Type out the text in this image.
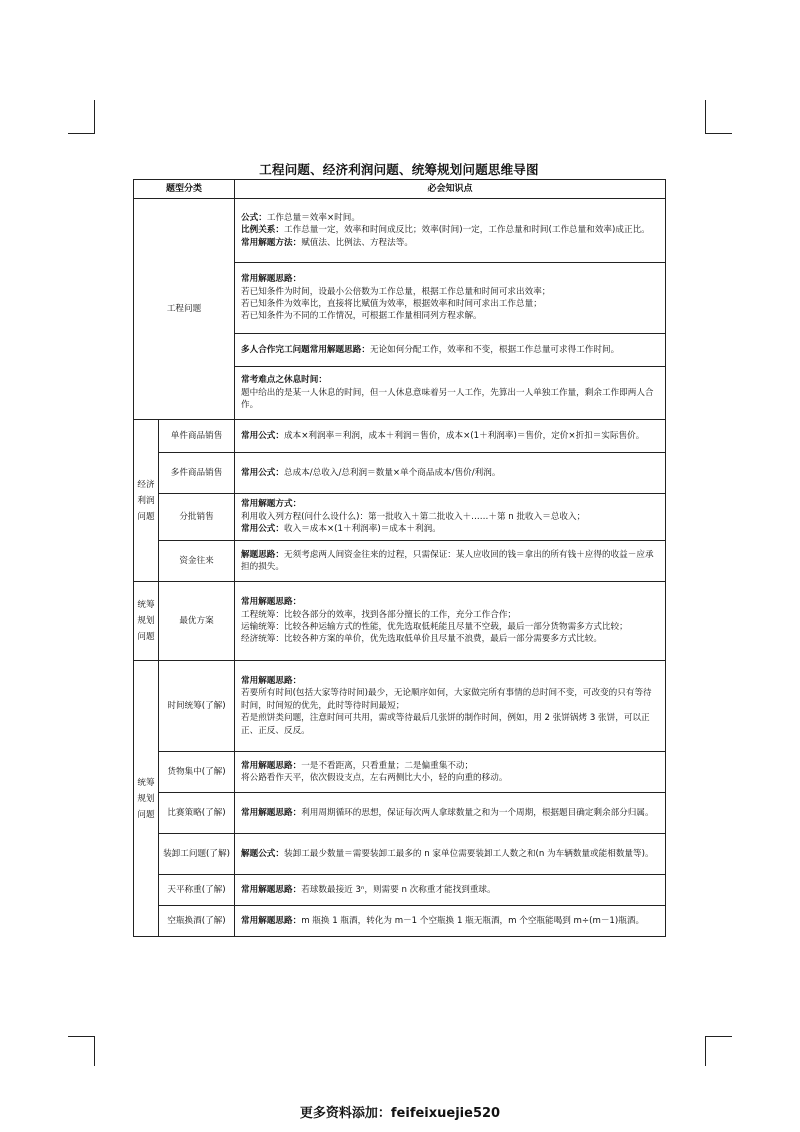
工程问题、经济利润问题、统筹规划问题思维导图
题型分类		必会知识点
工程问题		公式：工作总量＝效率×时间。
比例关系：工作总量一定，效率和时间成反比；效率(时间)一定，工作总量和时间(工作总量和效率)成正比。
常用解题方法：赋值法、比例法、方程法等。

		常用解题思路：
若已知条件为时间，设最小公倍数为工作总量，根据工作总量和时间可求出效率；
若已知条件为效率比，直接将比赋值为效率，根据效率和时间可求出工作总量；
若已知条件为不同的工作情况，可根据工作量相同列方程求解。

		多人合作完工问题常用解题思路：无论如何分配工作，效率和不变，根据工作总量可求得工作时间。

		常考难点之休息时间：
题中给出的是某一人休息的时间，但一人休息意味着另一人工作，先算出一人单独工作量，剩余工作即两人合作。

经济利润问题	单件商品销售	常用公式：成本×利润率＝利润，成本＋利润＝售价，成本×(1＋利润率)＝售价，定价×折扣＝实际售价。
	多件商品销售	常用公式：总成本/总收入/总利润＝数量×单个商品成本/售价/利润。
	分批销售	常用解题方式：
利用收入列方程(问什么设什么)：第一批收入＋第二批收入＋……＋第 n 批收入＝总收入；
常用公式：收入＝成本×(1＋利润率)＝成本＋利润。

	资金往来	解题思路：无须考虑两人间资金往来的过程，只需保证：某人应收回的钱＝拿出的所有钱＋应得的收益－应承担的损失。
统筹规划问题	最优方案	常用解题思路：
工程统筹：比较各部分的效率，找到各部分擅长的工作，充分工作合作；
运输统筹：比较各种运输方式的性能，优先选取低耗能且尽量不空载，最后一部分货物需多方式比较；
经济统筹：比较各种方案的单价，优先选取低单价且尽量不浪费，最后一部分需要多方式比较。

统筹规划问题	时间统筹(了解)	常用解题思路：
若要所有时间(包括大家等待时间)最少，无论顺序如何，大家做完所有事情的总时间不变，可改变的只有等待时间，时间短的优先，此时等待时间最短；
若是煎饼类问题，注意时间可共用，需或等待最后几张饼的制作时间，例如，用 2 张饼锅烤 3 张饼，可以正正、正反、反反。

	货物集中(了解)	常用解题思路：一是不看距离，只看重量；二是偏重集不动；
将公路看作天平，依次假设支点，左右两侧比大小，轻的向重的移动。

	比赛策略(了解)	常用解题思路：利用周期循环的思想，保证每次两人拿球数量之和为一个周期，根据题目确定剩余部分归属。
	装卸工问题(了解)	解题公式：装卸工最少数量＝需要装卸工最多的 n 家单位需要装卸工人数之和(n 为车辆数量或能相数量等)。
	天平称重(了解)	常用解题思路：若球数最接近 3ⁿ，则需要 n 次称重才能找到重球。
	空瓶换酒(了解)	常用解题思路：m 瓶换 1 瓶酒，转化为 m－1 个空瓶换 1 瓶无瓶酒，m 个空瓶能喝到 m÷(m－1)瓶酒。
更多资料添加：feifeixuejie520
